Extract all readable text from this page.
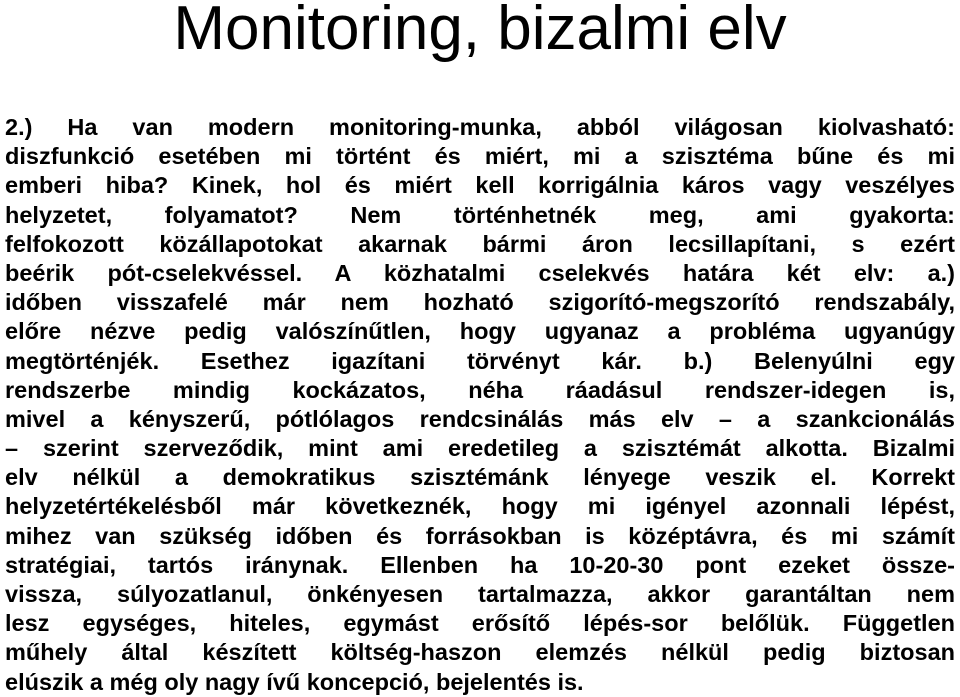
Monitoring, bizalmi elv
2.) Ha van modern monitoring-munka, abból világosan kiolvasható:
diszfunkció esetében mi történt és miért, mi a szisztéma bűne és mi
emberi hiba? Kinek, hol és miért kell korrigálnia káros vagy veszélyes
helyzetet, folyamatot? Nem történhetnék meg, ami gyakorta:
felfokozott közállapotokat akarnak bármi áron lecsillapítani, s ezért
beérik pót-cselekvéssel. A közhatalmi cselekvés határa két elv: a.)
időben visszafelé már nem hozható szigorító-megszorító rendszabály,
előre nézve pedig valószínűtlen, hogy ugyanaz a probléma ugyanúgy
megtörténjék. Esethez igazítani törvényt kár. b.) Belenyúlni egy
rendszerbe mindig kockázatos, néha ráadásul rendszer-idegen is,
mivel a kényszerű, pótlólagos rendcsinálás más elv – a szankcionálás
– szerint szerveződik, mint ami eredetileg a szisztémát alkotta. Bizalmi
elv nélkül a demokratikus szisztémánk lényege veszik el. Korrekt
helyzetértékelésből már következnék, hogy mi igényel azonnali lépést,
mihez van szükség időben és forrásokban is középtávra, és mi számít
stratégiai, tartós iránynak. Ellenben ha 10-20-30 pont ezeket össze-
vissza, súlyozatlanul, önkényesen tartalmazza, akkor garantáltan nem
lesz egységes, hiteles, egymást erősítő lépés-sor belőlük. Független
műhely által készített költség-haszon elemzés nélkül pedig biztosan
elúszik a még oly nagy ívű koncepció, bejelentés is.
